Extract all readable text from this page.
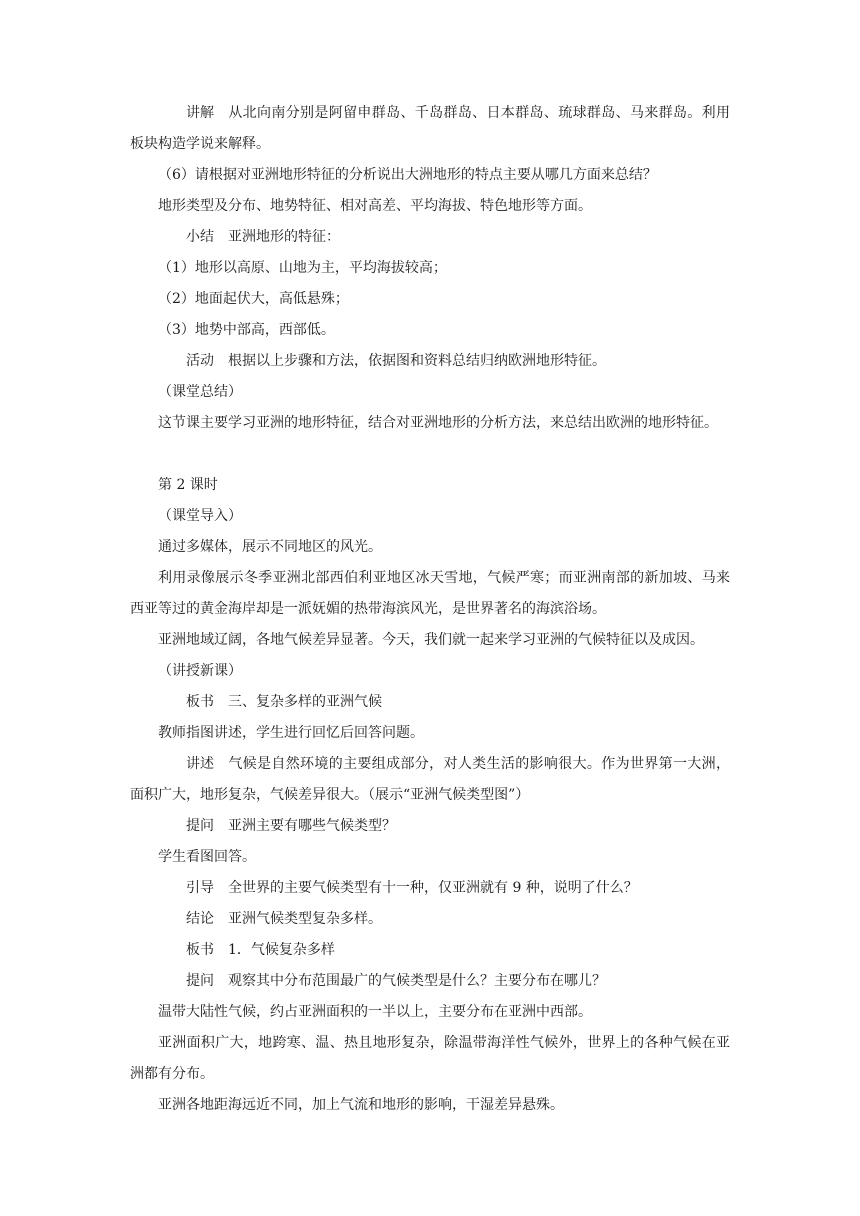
讲解 从北向南分别是阿留申群岛、千岛群岛、日本群岛、琉球群岛、马来群岛。利用板块构造学说来解释。

（6）请根据对亚洲地形特征的分析说出大洲地形的特点主要从哪几方面来总结？

地形类型及分布、地势特征、相对高差、平均海拔、特色地形等方面。

小结 亚洲地形的特征：

（1）地形以高原、山地为主，平均海拔较高；

（2）地面起伏大，高低悬殊；

（3）地势中部高，西部低。

活动 根据以上步骤和方法，依据图和资料总结归纳欧洲地形特征。

（课堂总结）

这节课主要学习亚洲的地形特征，结合对亚洲地形的分析方法，来总结出欧洲的地形特征。

第 2 课时

（课堂导入）

通过多媒体，展示不同地区的风光。

利用录像展示冬季亚洲北部西伯利亚地区冰天雪地，气候严寒；而亚洲南部的新加坡、马来西亚等过的黄金海岸却是一派妩媚的热带海滨风光，是世界著名的海滨浴场。

亚洲地域辽阔，各地气候差异显著。今天，我们就一起来学习亚洲的气候特征以及成因。

（讲授新课）

板书 三、复杂多样的亚洲气候

教师指图讲述，学生进行回忆后回答问题。

讲述 气候是自然环境的主要组成部分，对人类生活的影响很大。作为世界第一大洲，面积广大，地形复杂，气候差异很大。（展示“亚洲气候类型图”）

提问 亚洲主要有哪些气候类型？

学生看图回答。

引导 全世界的主要气候类型有十一种，仅亚洲就有 9 种，说明了什么？

结论 亚洲气候类型复杂多样。

板书 1．气候复杂多样

提问 观察其中分布范围最广的气候类型是什么？主要分布在哪儿？

温带大陆性气候，约占亚洲面积的一半以上，主要分布在亚洲中西部。

亚洲面积广大，地跨寒、温、热且地形复杂，除温带海洋性气候外，世界上的各种气候在亚洲都有分布。

亚洲各地距海远近不同，加上气流和地形的影响，干湿差异悬殊。
